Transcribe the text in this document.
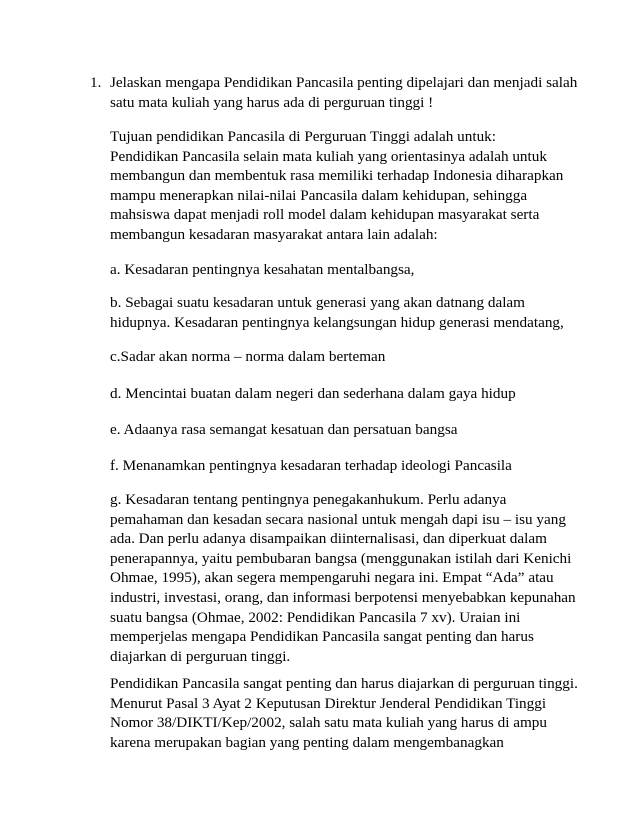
1. Jelaskan mengapa Pendidikan Pancasila penting dipelajari dan menjadi salah
satu mata kuliah yang harus ada di perguruan tinggi !
Tujuan pendidikan Pancasila di Perguruan Tinggi adalah untuk:
Pendidikan Pancasila selain mata kuliah yang orientasinya adalah untuk
membangun dan membentuk rasa memiliki terhadap Indonesia diharapkan
mampu menerapkan nilai-nilai Pancasila dalam kehidupan, sehingga
mahsiswa dapat menjadi roll model dalam kehidupan masyarakat serta
membangun kesadaran masyarakat antara lain adalah:
a. Kesadaran pentingnya kesahatan mentalbangsa,
b. Sebagai suatu kesadaran untuk generasi yang akan datnang dalam
hidupnya. Kesadaran pentingnya kelangsungan hidup generasi mendatang,
c.Sadar akan norma – norma dalam berteman
d. Mencintai buatan dalam negeri dan sederhana dalam gaya hidup
e. Adaanya rasa semangat kesatuan dan persatuan bangsa
f. Menanamkan pentingnya kesadaran terhadap ideologi Pancasila
g. Kesadaran tentang pentingnya penegakanhukum. Perlu adanya
pemahaman dan kesadan secara nasional untuk mengah dapi isu – isu yang
ada. Dan perlu adanya disampaikan diinternalisasi, dan diperkuat dalam
penerapannya, yaitu pembubaran bangsa (menggunakan istilah dari Kenichi
Ohmae, 1995), akan segera mempengaruhi negara ini. Empat “Ada” atau
industri, investasi, orang, dan informasi berpotensi menyebabkan kepunahan
suatu bangsa (Ohmae, 2002: Pendidikan Pancasila 7 xv). Uraian ini
memperjelas mengapa Pendidikan Pancasila sangat penting dan harus
diajarkan di perguruan tinggi.
Pendidikan Pancasila sangat penting dan harus diajarkan di perguruan tinggi.
Menurut Pasal 3 Ayat 2 Keputusan Direktur Jenderal Pendidikan Tinggi
Nomor 38/DIKTI/Kep/2002, salah satu mata kuliah yang harus di ampu
karena merupakan bagian yang penting dalam mengembanagkan
